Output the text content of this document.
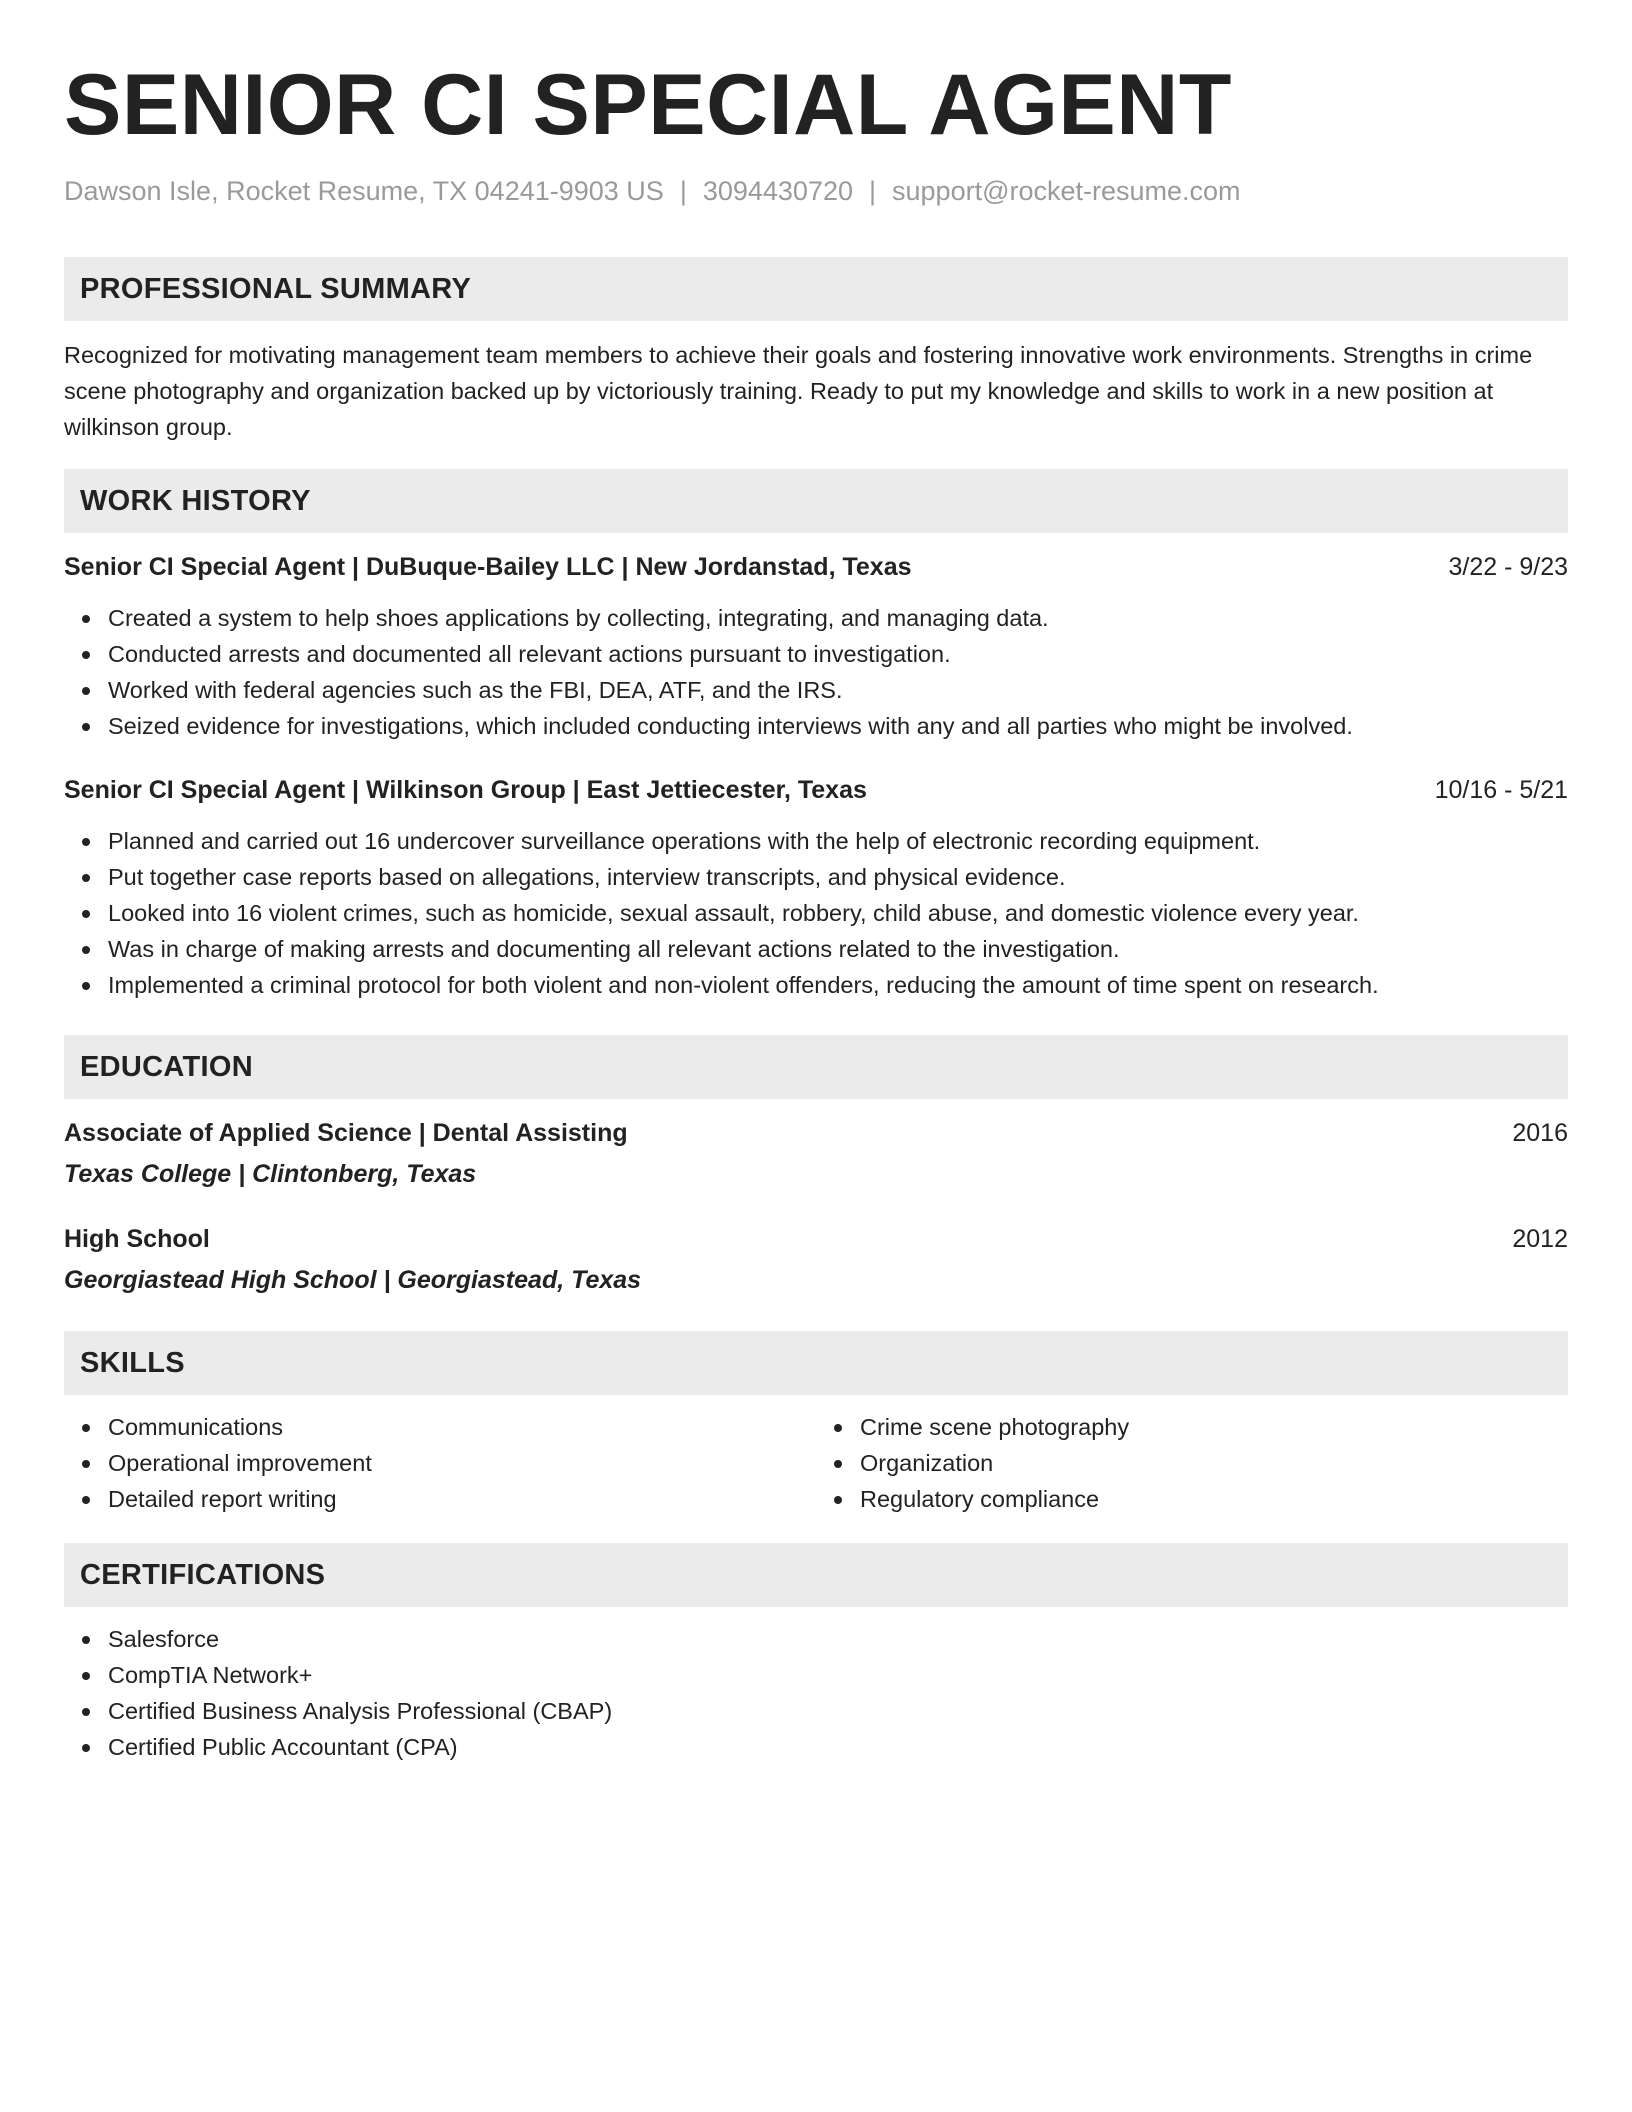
SENIOR CI SPECIAL AGENT
Dawson Isle, Rocket Resume, TX 04241-9903 US | 3094430720 | support@rocket-resume.com
PROFESSIONAL SUMMARY

Recognized for motivating management team members to achieve their goals and fostering innovative work environments. Strengths in crime scene photography and organization backed up by victoriously training. Ready to put my knowledge and skills to work in a new position at wilkinson group.

WORK HISTORY
Senior CI Special Agent | DuBuque-Bailey LLC | New Jordanstad, Texas	3/22 - 9/23
Created a system to help shoes applications by collecting, integrating, and managing data.
Conducted arrests and documented all relevant actions pursuant to investigation.
Worked with federal agencies such as the FBI, DEA, ATF, and the IRS.
Seized evidence for investigations, which included conducting interviews with any and all parties who might be involved.
Senior CI Special Agent | Wilkinson Group | East Jettiecester, Texas	10/16 - 5/21
Planned and carried out 16 undercover surveillance operations with the help of electronic recording equipment.
Put together case reports based on allegations, interview transcripts, and physical evidence.
Looked into 16 violent crimes, such as homicide, sexual assault, robbery, child abuse, and domestic violence every year.
Was in charge of making arrests and documenting all relevant actions related to the investigation.
Implemented a criminal protocol for both violent and non-violent offenders, reducing the amount of time spent on research.
EDUCATION
Associate of Applied Science | Dental Assisting	2016
Texas College | Clintonberg, Texas
High School	2012
Georgiastead High School | Georgiastead, Texas
SKILLS
Communications
Operational improvement
Detailed report writing
Crime scene photography
Organization
Regulatory compliance
CERTIFICATIONS
Salesforce
CompTIA Network+
Certified Business Analysis Professional (CBAP)
Certified Public Accountant (CPA)
